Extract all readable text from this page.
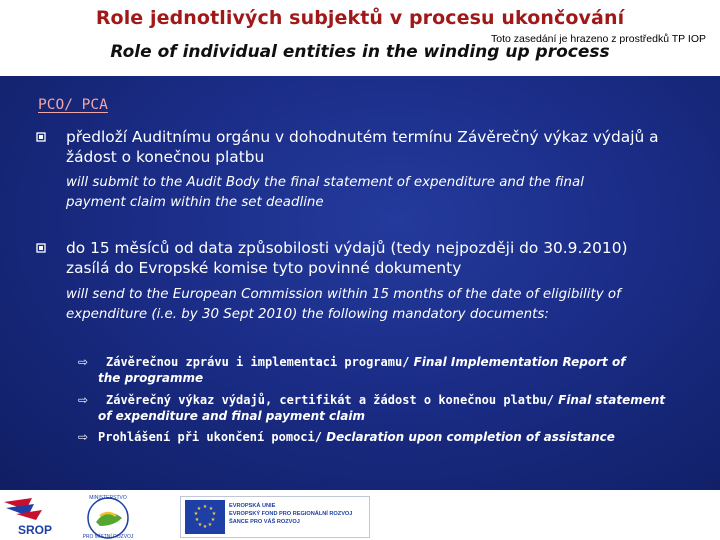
Role jednotlivých subjektů v procesu ukončování
Role of individual entities in the winding up process
PCO/ PCA
předloží Auditnímu orgánu v dohodnutém termínu Závěrečný výkaz výdajů a
žádost o konečnou platbu
will submit to the Audit Body the final statement of expenditure and the final
payment claim within the set deadline
do 15 měsíců od data způsobilosti výdajů (tedy nejpozději do 30.9.2010)
zasílá do Evropské komise tyto povinné dokumenty
will send to the European Commission within 15 months of the date of eligibility of
expenditure (i.e. by 30 Sept 2010) the following mandatory documents:
⇨	Závěrečnou zprávu i implementaci programu/ Final Implementation Report of
the programme
⇨	Závěrečný výkaz výdajů, certifikát a žádost o konečnou platbu/ Final statement
of expenditure and final payment claim
⇨ Prohlášení při ukončení pomoci/ Declaration upon completion of assistance
SROP
MINISTERSTVO
PRO MÍSTNÍ ROZVOJ
★ ★
★
★
★
★
★
★
★
★	EVROPSKÁ UNIE
EVROPSKÝ FOND PRO REGIONÁLNÍ ROZVOJ
ŠANCE PRO VÁŠ ROZVOJ
Toto zasedání je hrazeno z prostředků TP IOP
